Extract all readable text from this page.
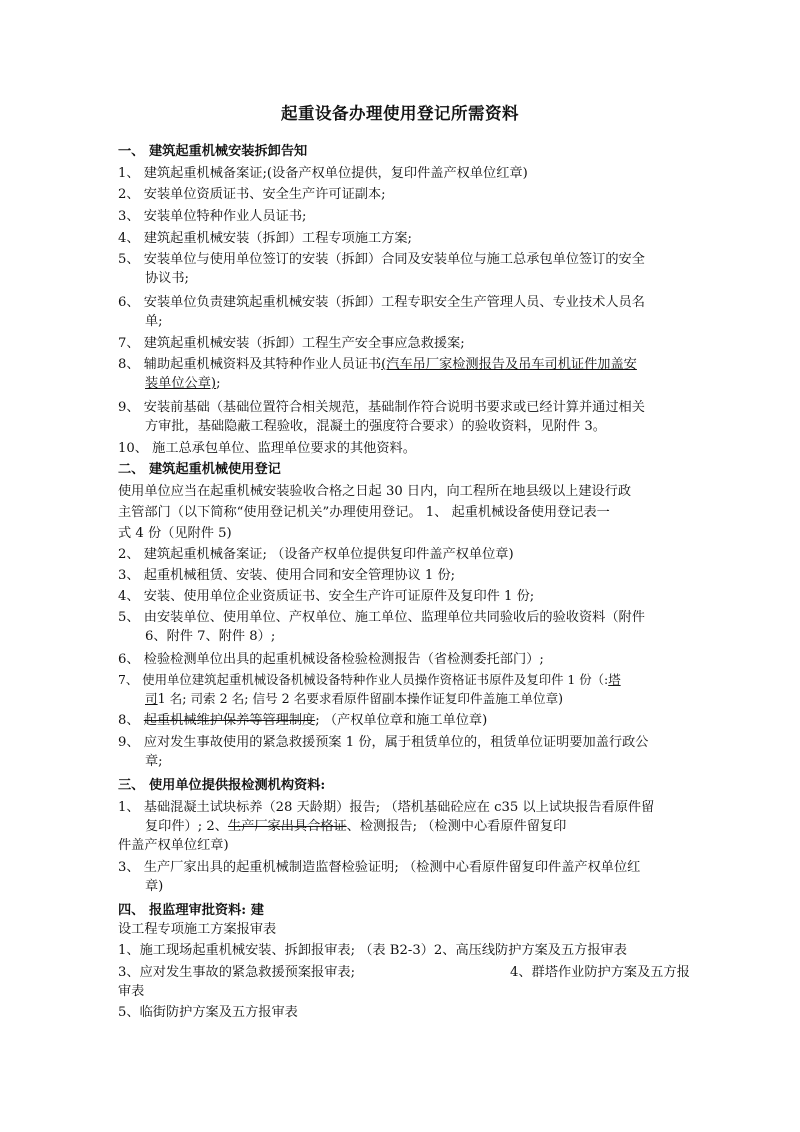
起重设备办理使用登记所需资料
一、 建筑起重机械安装拆卸告知
1、 建筑起重机械备案证;(设备产权单位提供，复印件盖产权单位红章)
2、 安装单位资质证书、安全生产许可证副本;
3、 安装单位特种作业人员证书;
4、 建筑起重机械安装（拆卸）工程专项施工方案;
5、 安装单位与使用单位签订的安装（拆卸）合同及安装单位与施工总承包单位签订的安全
协议书;
6、 安装单位负责建筑起重机械安装（拆卸）工程专职安全生产管理人员、专业技术人员名
单;
7、 建筑起重机械安装（拆卸）工程生产安全事应急救援案;
8、 辅助起重机械资料及其特种作业人员证书(汽车吊厂家检测报告及吊车司机证件加盖安
装单位公章);
9、 安装前基础（基础位置符合相关规范，基础制作符合说明书要求或已经计算并通过相关
方审批，基础隐蔽工程验收，混凝土的强度符合要求）的验收资料，见附件 3。
10、 施工总承包单位、监理单位要求的其他资料。
二、 建筑起重机械使用登记
使用单位应当在起重机械安装验收合格之日起 30 日内，向工程所在地县级以上建设行政
主管部门（以下简称“使用登记机关”办理使用登记。 1、 起重机械设备使用登记表一
式 4 份（见附件 5)
2、 建筑起重机械备案证; （设备产权单位提供复印件盖产权单位章)
3、 起重机械租赁、安装、使用合同和安全管理协议 1 份;
4、 安装、使用单位企业资质证书、安全生产许可证原件及复印件 1 份;
5、 由安装单位、使用单位、产权单位、施工单位、监理单位共同验收后的验收资料（附件
6、附件 7、附件 8）;
6、 检验检测单位出具的起重机械设备检验检测报告（省检测委托部门）;
7、 使用单位建筑起重机械设备机械设备特种作业人员操作资格证书原件及复印件 1 份（:塔
司1 名; 司索 2 名; 信号 2 名要求看原件留副本操作证复印件盖施工单位章)
8、 起重机械维护保养等管理制度; （产权单位章和施工单位章)
9、 应对发生事故使用的紧急救援预案 1 份，属于租赁单位的，租赁单位证明要加盖行政公
章;
三、 使用单位提供报检测机构资料:
1、 基础混凝土试块标养（28 天龄期）报告; （塔机基础砼应在 c35 以上试块报告看原件留
复印件）; 2、生产厂家出具合格证、检测报告; （检测中心看原件留复印
件盖产权单位红章)
3、 生产厂家出具的起重机械制造监督检验证明; （检测中心看原件留复印件盖产权单位红
章)
四、 报监理审批资料: 建
设工程专项施工方案报审表
1、施工现场起重机械安装、拆卸报审表; （表 B2-3）2、高压线防护方案及五方报审表
3、应对发生事故的紧急救援预案报审表;	4、群塔作业防护方案及五方报
审表
5、临街防护方案及五方报审表
